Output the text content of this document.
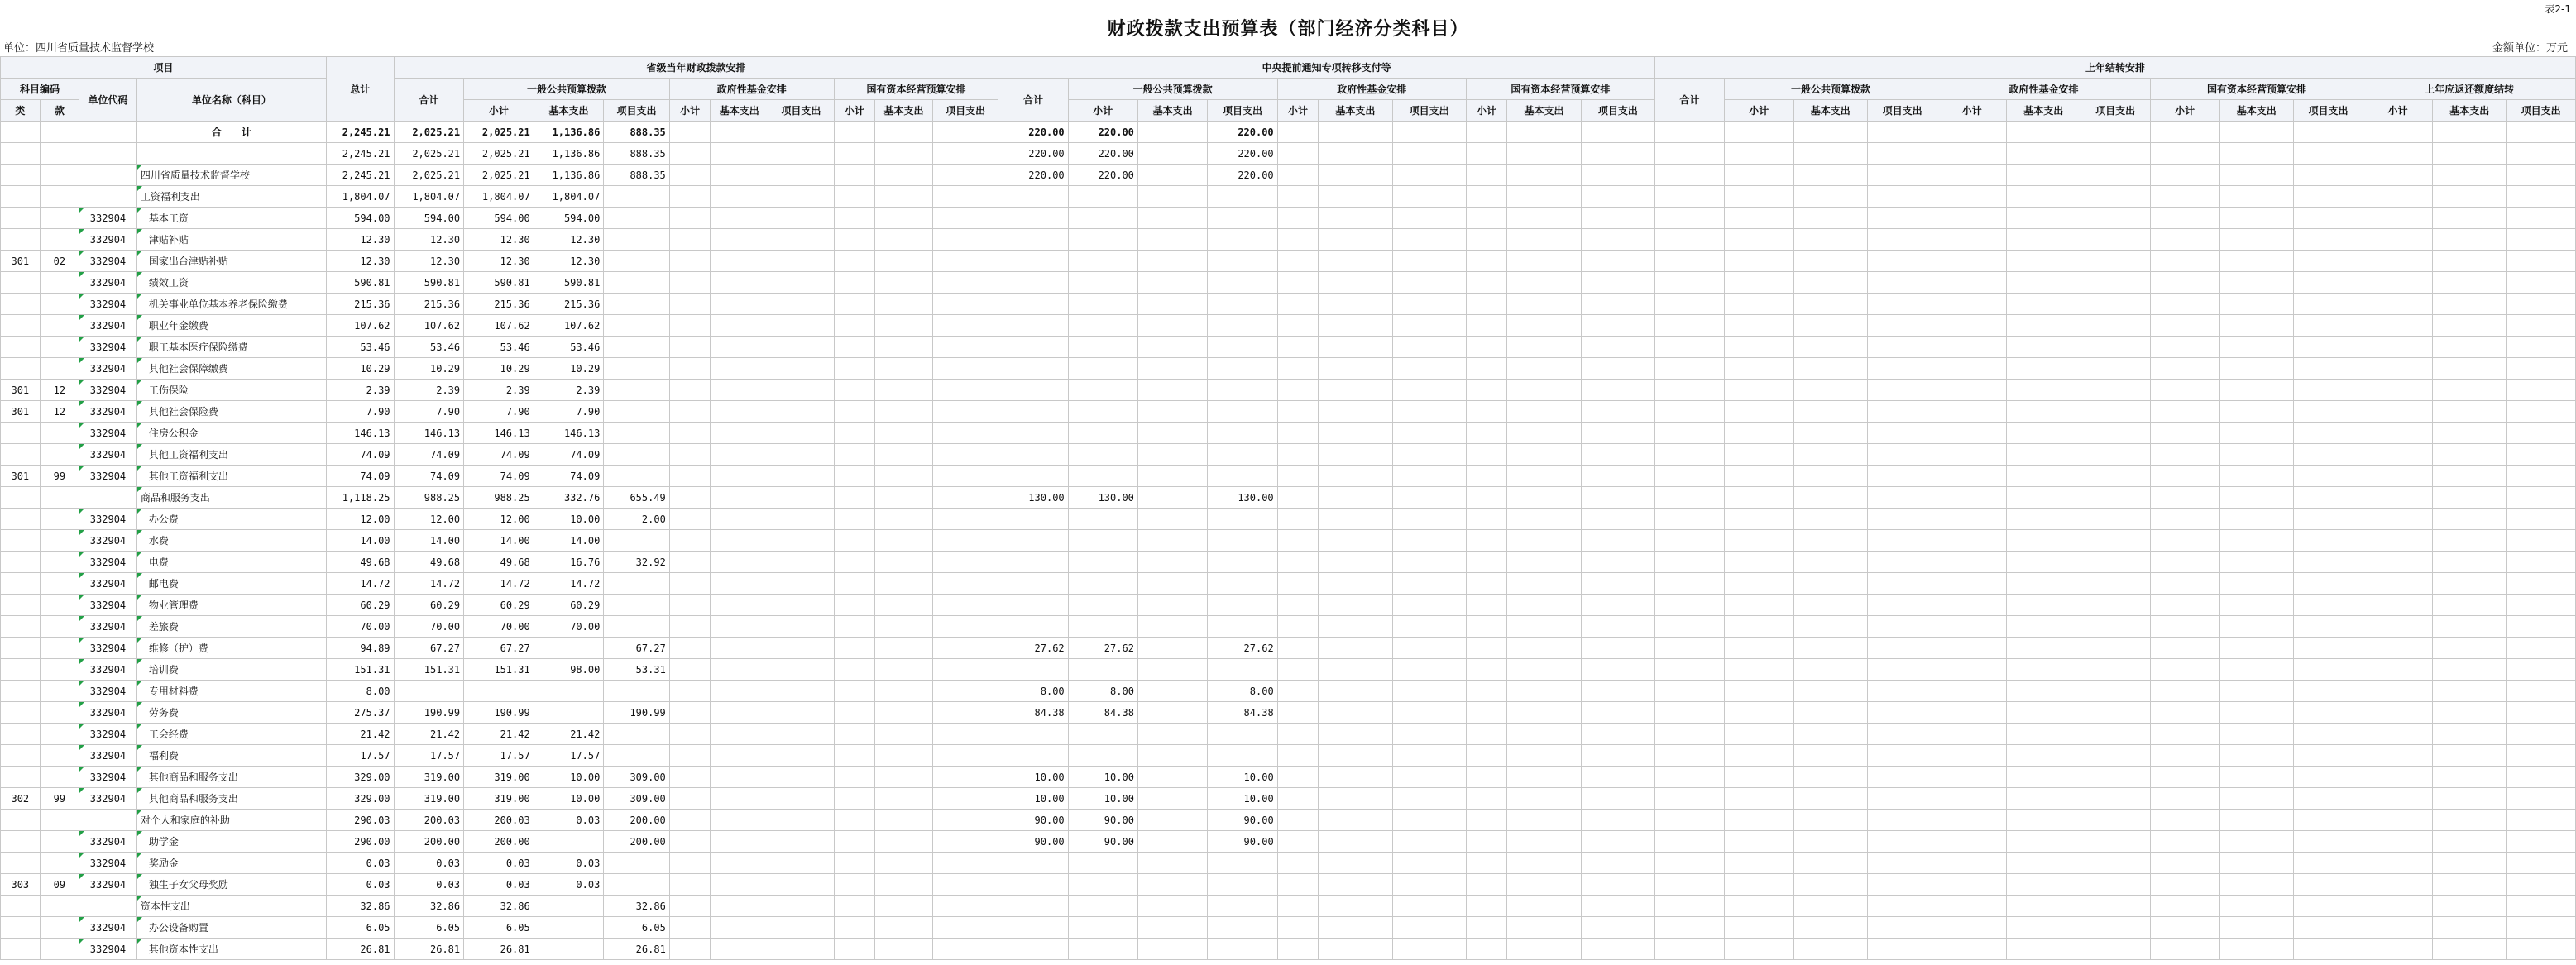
表2-1
财政拨款支出预算表（部门经济分类科目）
单位：四川省质量技术监督学校	金额单位：万元
项目				总计	省级当年财政拨款安排										中央提前通知专项转移支付等										上年结转安排												
科目编码		单位代码	单位名称（科目）		合计	一般公共预算拨款			政府性基金安排			国有资本经营预算安排			合计	一般公共预算拨款			政府性基金安排			国有资本经营预算安排			合计	一般公共预算拨款			政府性基金安排			国有资本经营预算安排			上年应返还额度结转		
类	款					小计	基本支出	项目支出	小计	基本支出	项目支出	小计	基本支出	项目支出		小计	基本支出	项目支出	小计	基本支出	项目支出	小计	基本支出	项目支出		小计	基本支出	项目支出	小计	基本支出	项目支出	小计	基本支出	项目支出	小计	基本支出	项目支出
			合　　计	2,245.21	2,025.21	2,025.21	1,136.86	888.35							220.00	220.00		220.00																			
				2,245.21	2,025.21	2,025.21	1,136.86	888.35							220.00	220.00		220.00																			
			四川省质量技术监督学校	2,245.21	2,025.21	2,025.21	1,136.86	888.35							220.00	220.00		220.00																			
			工资福利支出	1,804.07	1,804.07	1,804.07	1,804.07																														
		332904	基本工资	594.00	594.00	594.00	594.00																														
		332904	津贴补贴	12.30	12.30	12.30	12.30																														
301	02	332904	国家出台津贴补贴	12.30	12.30	12.30	12.30																														
		332904	绩效工资	590.81	590.81	590.81	590.81																														
		332904	机关事业单位基本养老保险缴费	215.36	215.36	215.36	215.36																														
		332904	职业年金缴费	107.62	107.62	107.62	107.62																														
		332904	职工基本医疗保险缴费	53.46	53.46	53.46	53.46																														
		332904	其他社会保障缴费	10.29	10.29	10.29	10.29																														
301	12	332904	工伤保险	2.39	2.39	2.39	2.39																														
301	12	332904	其他社会保险费	7.90	7.90	7.90	7.90																														
		332904	住房公积金	146.13	146.13	146.13	146.13																														
		332904	其他工资福利支出	74.09	74.09	74.09	74.09																														
301	99	332904	其他工资福利支出	74.09	74.09	74.09	74.09																														
			商品和服务支出	1,118.25	988.25	988.25	332.76	655.49							130.00	130.00		130.00																			
		332904	办公费	12.00	12.00	12.00	10.00	2.00																													
		332904	水费	14.00	14.00	14.00	14.00																														
		332904	电费	49.68	49.68	49.68	16.76	32.92																													
		332904	邮电费	14.72	14.72	14.72	14.72																														
		332904	物业管理费	60.29	60.29	60.29	60.29																														
		332904	差旅费	70.00	70.00	70.00	70.00																														
		332904	维修（护）费	94.89	67.27	67.27		67.27							27.62	27.62		27.62																			
		332904	培训费	151.31	151.31	151.31	98.00	53.31																													
		332904	专用材料费	8.00											8.00	8.00		8.00																			
		332904	劳务费	275.37	190.99	190.99		190.99							84.38	84.38		84.38																			
		332904	工会经费	21.42	21.42	21.42	21.42																														
		332904	福利费	17.57	17.57	17.57	17.57																														
		332904	其他商品和服务支出	329.00	319.00	319.00	10.00	309.00							10.00	10.00		10.00																			
302	99	332904	其他商品和服务支出	329.00	319.00	319.00	10.00	309.00							10.00	10.00		10.00																			
			对个人和家庭的补助	290.03	200.03	200.03	0.03	200.00							90.00	90.00		90.00																			
		332904	助学金	290.00	200.00	200.00		200.00							90.00	90.00		90.00																			
		332904	奖励金	0.03	0.03	0.03	0.03																														
303	09	332904	独生子女父母奖励	0.03	0.03	0.03	0.03																														
			资本性支出	32.86	32.86	32.86		32.86																													
		332904	办公设备购置	6.05	6.05	6.05		6.05																													
		332904	其他资本性支出	26.81	26.81	26.81		26.81																													
